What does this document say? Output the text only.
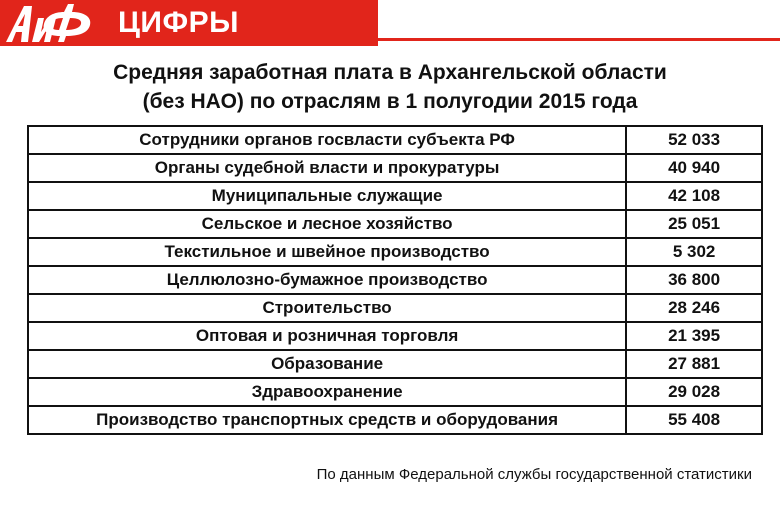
ЦИФРЫ
Средняя заработная плата в Архангельской области
(без НАО) по отраслям в 1 полугодии 2015 года
Сотрудники органов госвласти субъекта РФ	52 033
Органы судебной власти и прокуратуры	40 940
Муниципальные служащие	42 108
Сельское и лесное хозяйство	25 051
Текстильное и швейное производство	5 302
Целлюлозно-бумажное производство	36 800
Строительство	28 246
Оптовая и розничная торговля	21 395
Образование	27 881
Здравоохранение	29 028
Производство транспортных средств и оборудования	55 408
По данным Федеральной службы государственной статистики
